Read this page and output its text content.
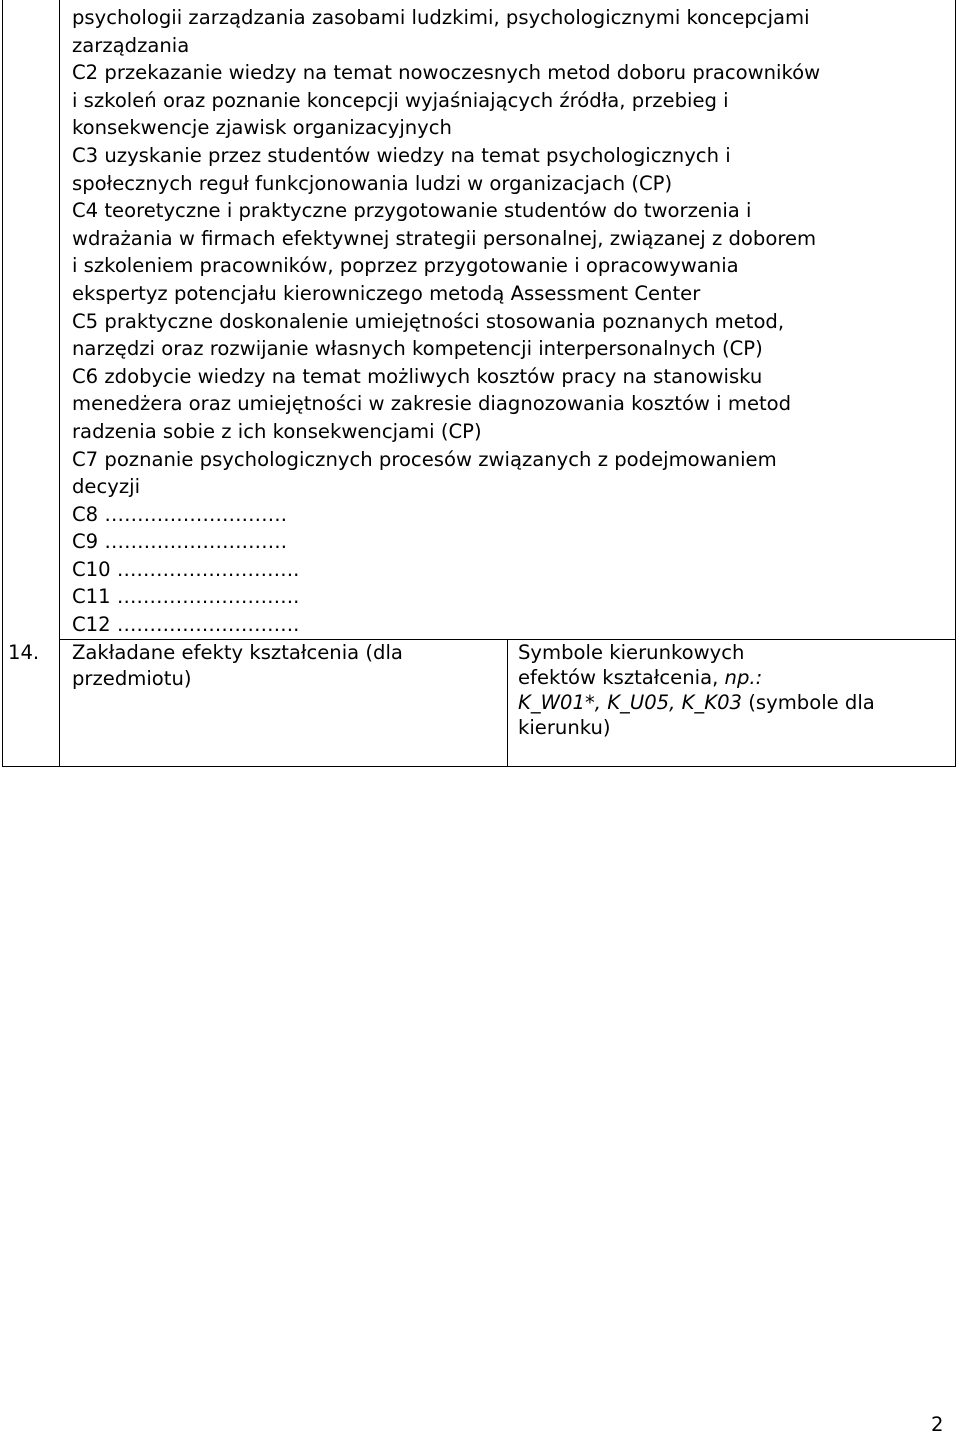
psychologii zarządzania zasobami ludzkimi, psychologicznymi koncepcjami
zarządzania
C2 przekazanie wiedzy na temat nowoczesnych metod doboru pracowników
i szkoleń oraz poznanie koncepcji wyjaśniających źródła, przebieg i
konsekwencje zjawisk organizacyjnych
C3 uzyskanie przez studentów wiedzy na temat psychologicznych i
społecznych reguł funkcjonowania ludzi w organizacjach (CP)
C4 teoretyczne i praktyczne przygotowanie studentów do tworzenia i
wdrażania w firmach efektywnej strategii personalnej, związanej z doborem
i szkoleniem pracowników, poprzez przygotowanie i opracowywania
ekspertyz potencjału kierowniczego metodą Assessment Center
C5 praktyczne doskonalenie umiejętności stosowania poznanych metod,
narzędzi oraz rozwijanie własnych kompetencji interpersonalnych (CP)
C6 zdobycie wiedzy na temat możliwych kosztów pracy na stanowisku
menedżera oraz umiejętności w zakresie diagnozowania kosztów i metod
radzenia sobie z ich konsekwencjami (CP)
C7 poznanie psychologicznych procesów związanych z podejmowaniem
decyzji
C8 ……………………….
C9 ……………………….
C10 ……………………….
C11 ……………………….
C12 ……………………….
14. Zakładane efekty kształcenia (dla przedmiotu)
Symbole kierunkowych
efektów kształcenia, np.:
K_W01*, K_U05, K_K03 (symbole dla
kierunku)
2
